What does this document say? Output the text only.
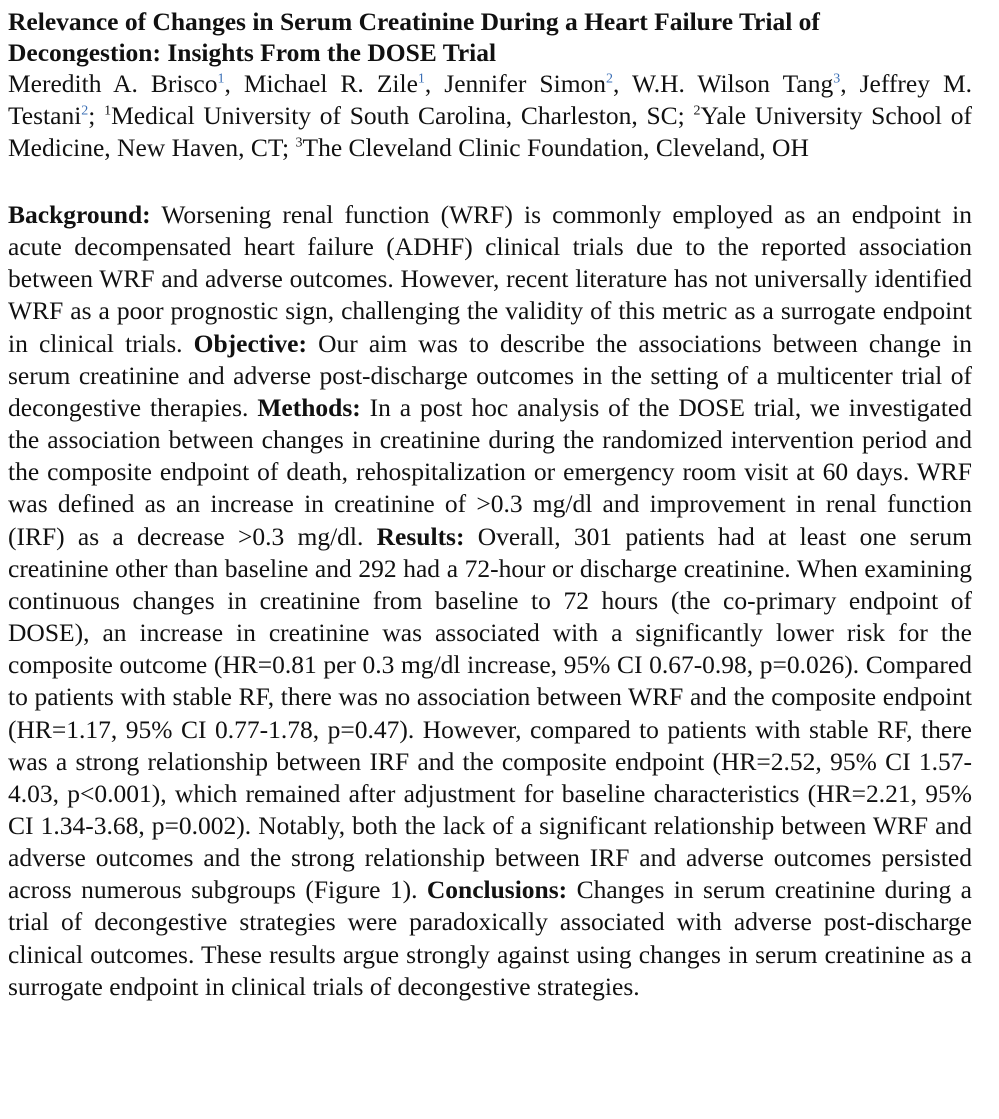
Relevance of Changes in Serum Creatinine During a Heart Failure Trial of Decongestion: Insights From the DOSE Trial

Meredith A. Brisco$^1$, Michael R. Zile$^1$, Jennifer Simon$^2$, W.H. Wilson Tang$^3$, Jeffrey M. Testani$^2$; $^1$Medical University of South Carolina, Charleston, SC; $^2$Yale University School of Medicine, New Haven, CT; $^3$The Cleveland Clinic Foundation, Cleveland, OH

Background: Worsening renal function (WRF) is commonly employed as an endpoint in acute decompensated heart failure (ADHF) clinical trials due to the reported association between WRF and adverse outcomes. However, recent literature has not universally identified WRF as a poor prognostic sign, challenging the validity of this metric as a surrogate endpoint in clinical trials. Objective: Our aim was to describe the associations between change in serum creatinine and adverse post-discharge outcomes in the setting of a multicenter trial of decongestive therapies. Methods: In a post hoc analysis of the DOSE trial, we investigated the association between changes in creatinine during the randomized intervention period and the composite endpoint of death, rehospitalization or emergency room visit at 60 days. WRF was defined as an increase in creatinine of >0.3 mg/dl and improvement in renal function (IRF) as a decrease >0.3 mg/dl. Results: Overall, 301 patients had at least one serum creatinine other than baseline and 292 had a 72-hour or discharge creatinine. When examining continuous changes in creatinine from baseline to 72 hours (the co-primary endpoint of DOSE), an increase in creatinine was associated with a significantly lower risk for the composite outcome (HR=0.81 per 0.3 mg/dl increase, 95% CI 0.67-0.98, p=0.026). Compared to patients with stable RF, there was no association between WRF and the composite endpoint (HR=1.17, 95% CI 0.77-1.78, p=0.47). However, compared to patients with stable RF, there was a strong relationship between IRF and the composite endpoint (HR=2.52, 95% CI 1.57-4.03, p<0.001), which remained after adjustment for baseline characteristics (HR=2.21, 95% CI 1.34-3.68, p=0.002). Notably, both the lack of a significant relationship between WRF and adverse outcomes and the strong relationship between IRF and adverse outcomes persisted across numerous subgroups (Figure 1). Conclusions: Changes in serum creatinine during a trial of decongestive strategies were paradoxically associated with adverse post-discharge clinical outcomes. These results argue strongly against using changes in serum creatinine as a surrogate endpoint in clinical trials of decongestive strategies.
